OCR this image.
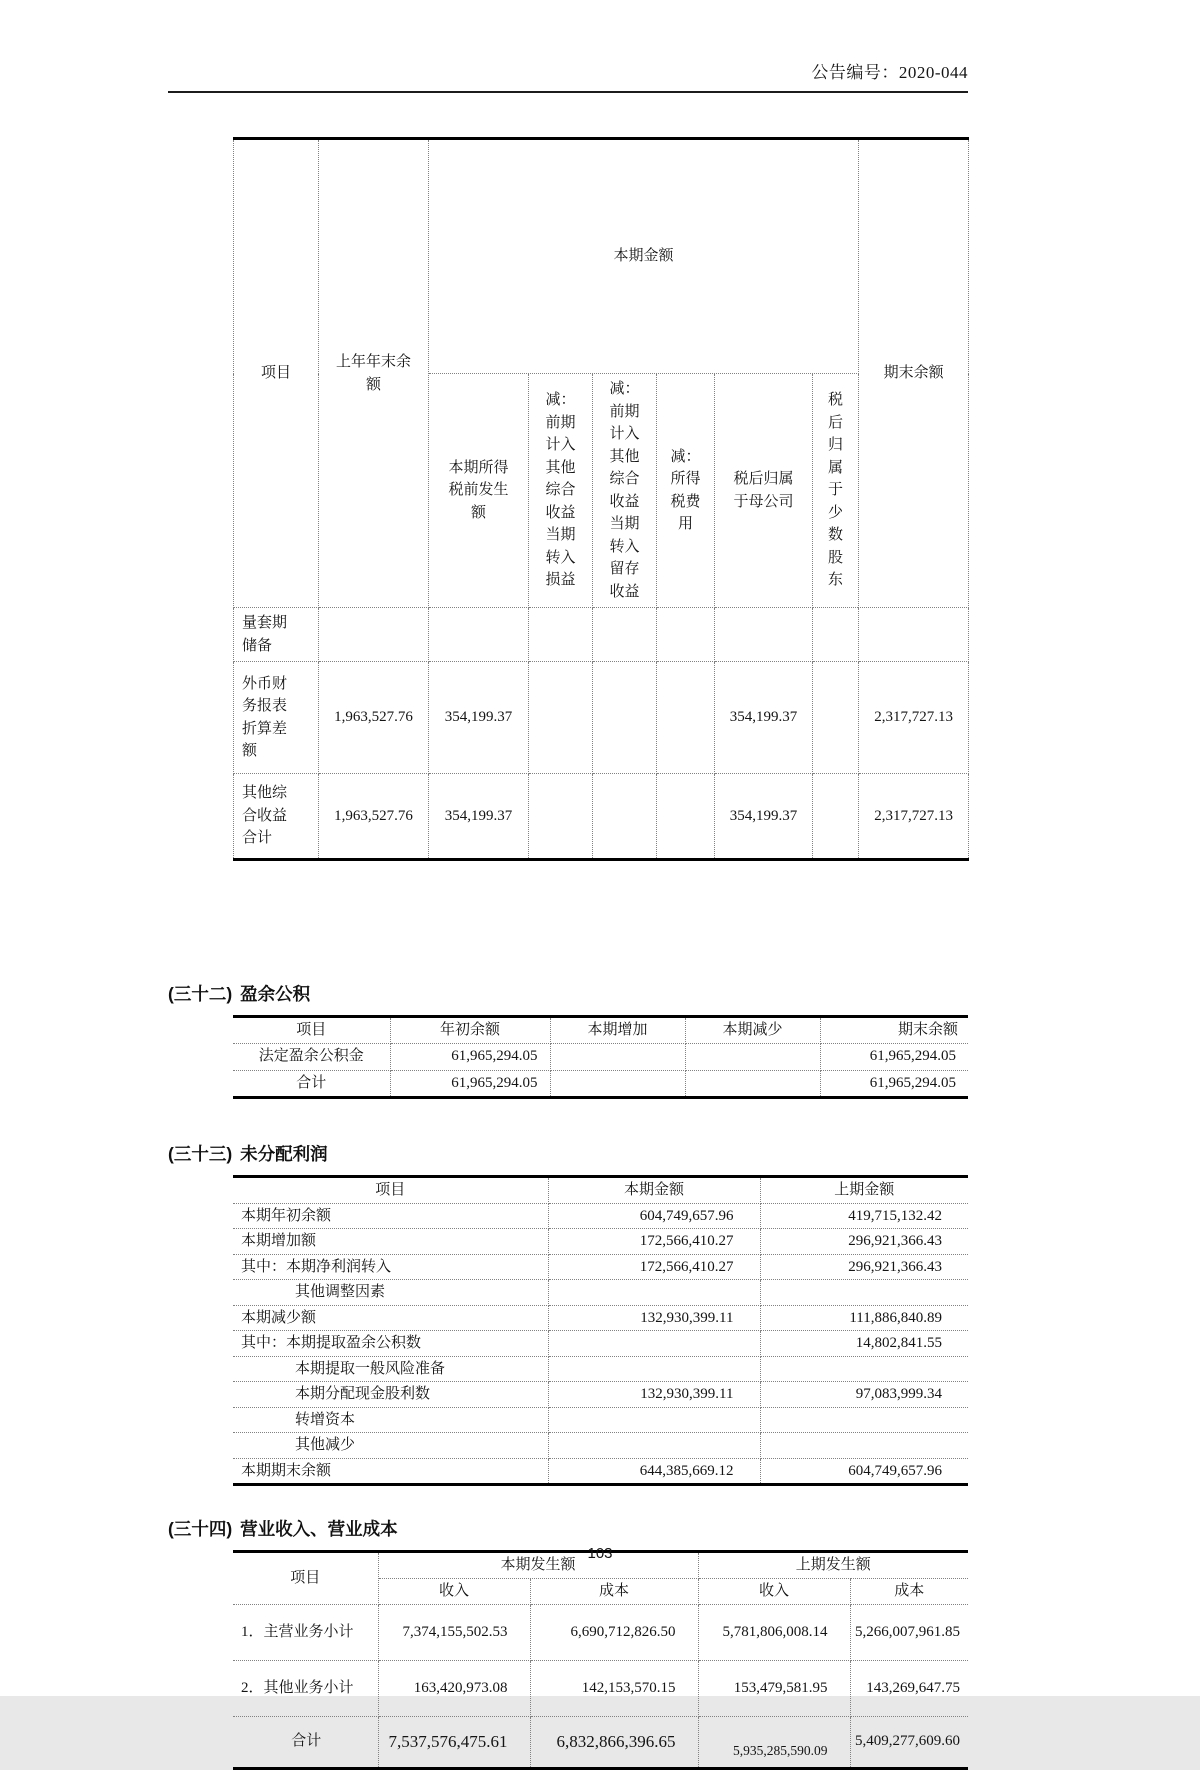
公告编号：2020-044
项目	上年年末余额	本期金额						期末余额
		本期所得税前发生额	减：前期计入其他综合收益当期转入损益	减：前期计入其他综合收益当期转入留存收益	减：所得税费用	税后归属于母公司	税后归属于少数股东	
量套期储备								
外币财务报表折算差额	1,963,527.76	354,199.37				354,199.37		2,317,727.13
其他综合收益合计	1,963,527.76	354,199.37				354,199.37		2,317,727.13
(三十二) 盈余公积
项目	年初余额	本期增加	本期减少	期末余额
法定盈余公积金	61,965,294.05			61,965,294.05
合计	61,965,294.05			61,965,294.05
(三十三) 未分配利润
项目	本期金额	上期金额
本期年初余额	604,749,657.96	419,715,132.42
本期增加额	172,566,410.27	296,921,366.43
其中：本期净利润转入	172,566,410.27	296,921,366.43
其他调整因素		
本期减少额	132,930,399.11	111,886,840.89
其中：本期提取盈余公积数		14,802,841.55
本期提取一般风险准备		
本期分配现金股利数	132,930,399.11	97,083,999.34
转增资本		
其他减少		
本期期末余额	644,385,669.12	604,749,657.96
(三十四) 营业收入、营业成本
项目	本期发生额		上期发生额	
	收入	成本	收入	成本
1．主营业务小计	7,374,155,502.53	6,690,712,826.50	5,781,806,008.14	5,266,007,961.85
2．其他业务小计	163,420,973.08	142,153,570.15	153,479,581.95	143,269,647.75
合计	7,537,576,475.61	6,832,866,396.65	5,935,285,590.09	5,409,277,609.60
103
